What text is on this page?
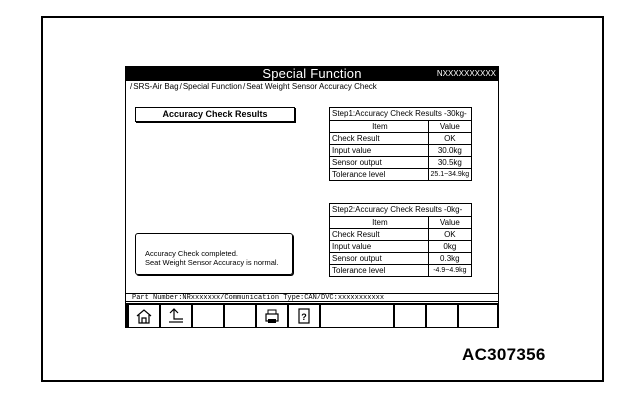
Special Function	NXXXXXXXXXX
/SRS-Air Bag/Special Function/Seat Weight Sensor Accuracy Check
Accuracy Check Results
Accuracy Check completed.
Seat Weight Sensor Accuracy is normal.
Step1:Accuracy Check Results -30kg-	
Item	Value
Check Result	OK
Input value	30.0kg
Sensor output	30.5kg
Tolerance level	25.1~34.9kg
Step2:Accuracy Check Results -0kg-	
Item	Value
Check Result	OK
Input value	0kg
Sensor output	0.3kg
Tolerance level	-4.9~4.9kg
Part Number:NRxxxxxxx/Communication Type:CAN/DVC:xxxxxxxxxxx
?
AC307356
